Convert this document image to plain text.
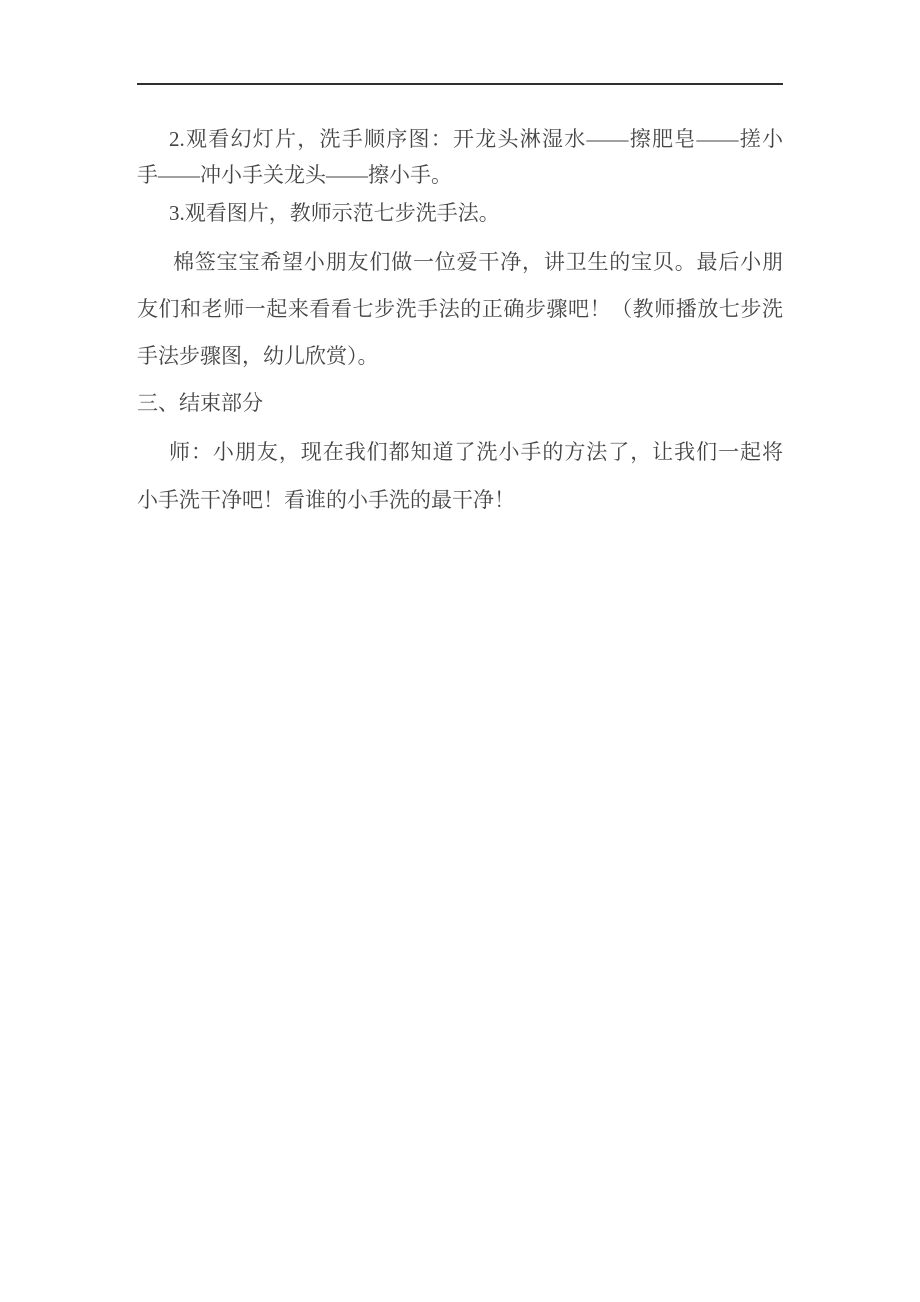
2.观看幻灯片，洗手顺序图：开龙头淋湿水——擦肥皂——搓小
手——冲小手关龙头——擦小手。
3.观看图片，教师示范七步洗手法。
棉签宝宝希望小朋友们做一位爱干净，讲卫生的宝贝。最后小朋
友们和老师一起来看看七步洗手法的正确步骤吧！（教师播放七步洗
手法步骤图，幼儿欣赏）。
三、结束部分
师：小朋友，现在我们都知道了洗小手的方法了，让我们一起将
小手洗干净吧！看谁的小手洗的最干净！
